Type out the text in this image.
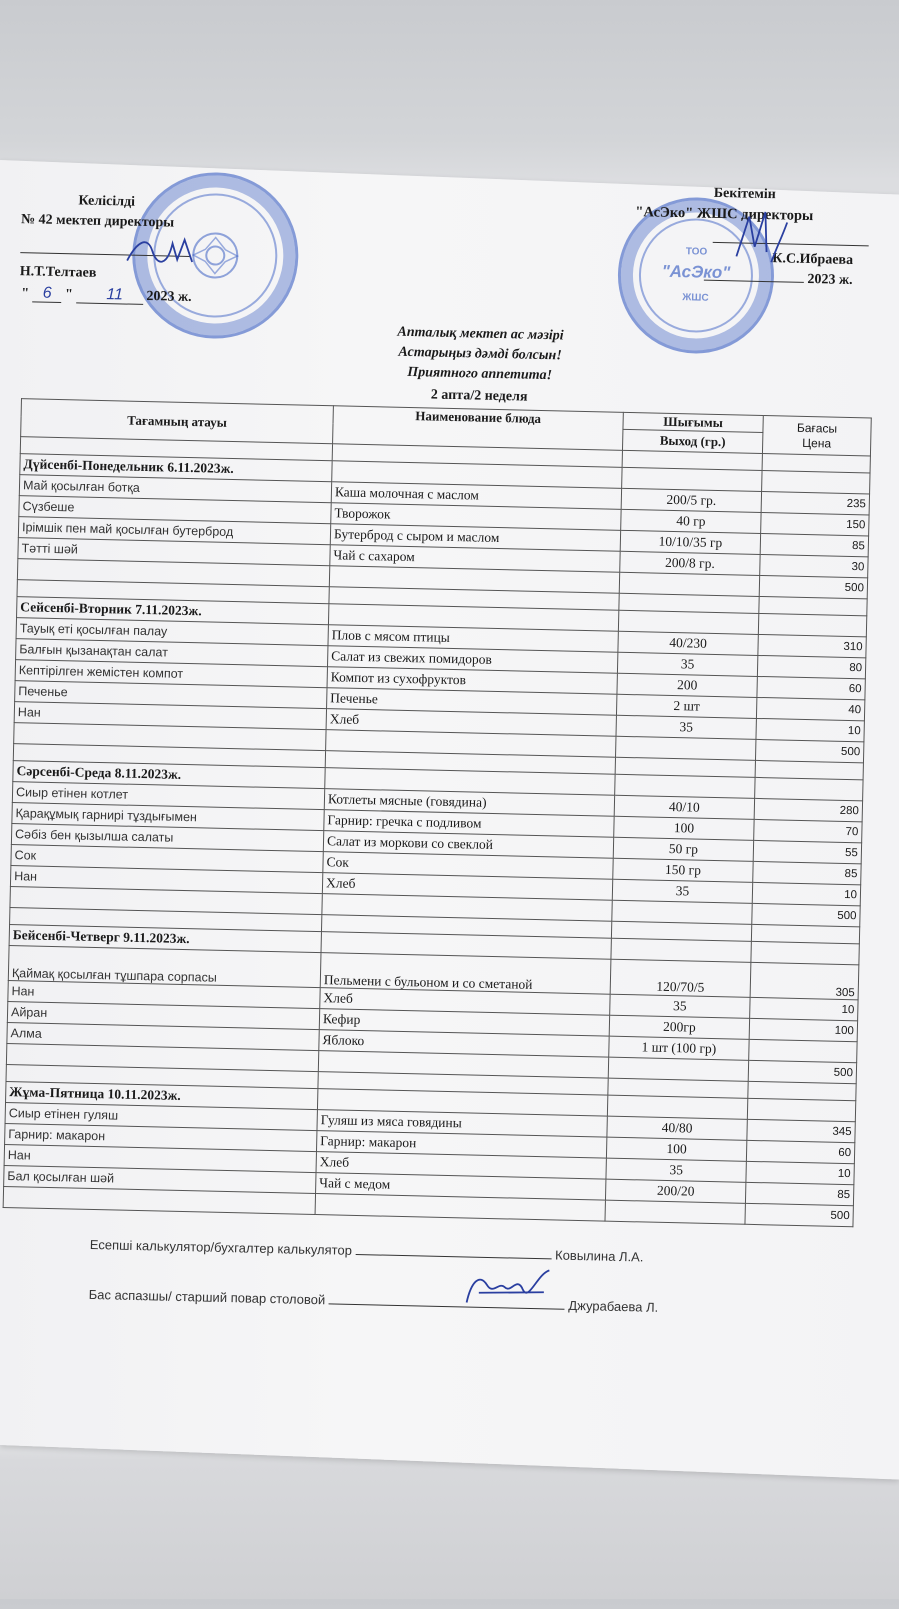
ТОО
"АсЭко"
ЖШС
Келісілді
№ 42 мектеп директоры
Н.Т.Телтаев
" 6 " 11 2023 ж.
Бекітемін
"АсЭко" ЖШС директоры
К.С.Ибраева
2023 ж.
Апталық мектеп ас мәзірі
Астарыңыз дәмді болсын!
Приятного аппетита!
2 апта/2 неделя
Тағамның атауы	Наименование блюда	Шығымы	Бағасы
Цена

		Выход (гр.)	

Дүйсенбі-Понедельник 6.11.2023ж.			
Май қосылған ботқа	Каша молочная с маслом	200/5 гр.	235
Сүзбеше	Творожок	40 гр	150
Ірімшік пен май қосылған бутерброд	Бутерброд с сыром и маслом	10/10/35 гр	85
Тәтті шәй	Чай с сахаром	200/8 гр.	30
			500

Сейсенбі-Вторник 7.11.2023ж.			
Тауық еті қосылған палау	Плов с мясом птицы	40/230	310
Балғын қызанақтан салат	Салат из свежих помидоров	35	80
Кептірілген жемістен компот	Компот из сухофруктов	200	60
Печенье	Печенье	2 шт	40
Нан	Хлеб	35	10
			500

Сәрсенбі-Среда 8.11.2023ж.			
Сиыр етінен котлет	Котлеты мясные (говядина)	40/10	280
Қарақұмық гарнирі тұздығымен	Гарнир: гречка с подливом	100	70
Сәбіз бен қызылша салаты	Салат из моркови со свеклой	50 гр	55
Сок	Сок	150 гр	85
Нан	Хлеб	35	10
			500

Бейсенбі-Четверг 9.11.2023ж.			
Қаймақ қосылған тұшпара сорпасы	Пельмени с бульоном и со сметаной	120/70/5	305
Нан	Хлеб	35	10
Айран	Кефир	200гр	100
Алма	Яблоко	1 шт (100 гр)	
			500

Жұма-Пятница 10.11.2023ж.			
Сиыр етінен гуляш	Гуляш из мяса говядины	40/80	345
Гарнир: макарон	Гарнир: макарон	100	60
Нан	Хлеб	35	10
Бал қосылған шәй	Чай с медом	200/20	85
			500
Есепші калькулятор/бухгалтер калькулятор	Ковылина Л.А.
Бас аспазшы/ старший повар столовой	Джурабаева Л.
